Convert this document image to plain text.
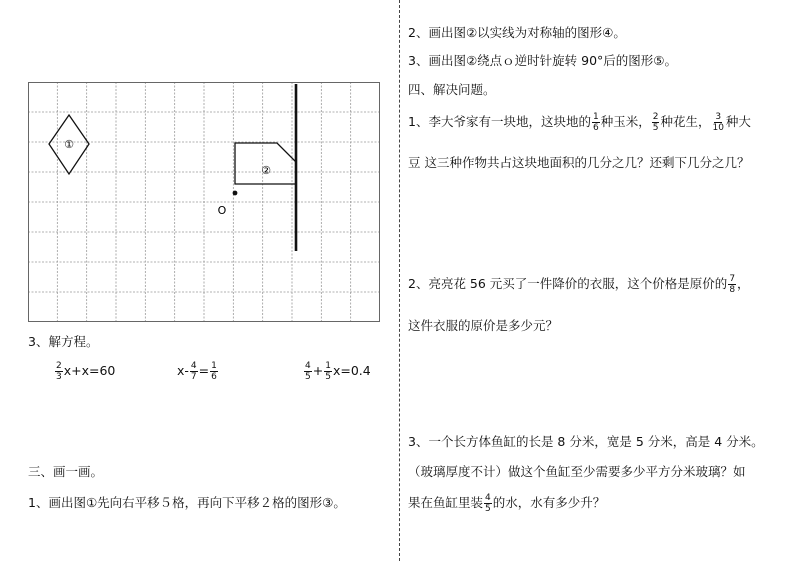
①
②
O
3、解方程。
$\frac{2}{3} x+x=60$	$x- \frac{4}{7} = \frac{1}{6}$	$\frac{4}{5} + \frac{1}{5} x=0.4$
三、画一画。
1、画出图①先向右平移５格，再向下平移２格的图形③。
2、画出图②以实线为对称轴的图形④。
3、画出图②绕点ｏ逆时针旋转 90°后的图形⑤。
四、解决问题。
1、李大爷家有一块地，这块地的 $\frac{1}{6}$ 种玉米， $\frac{2}{5}$ 种花生， $\frac{3}{10}$ 种大
豆 这三种作物共占这块地面积的几分之几？还剩下几分之几？
2、亮亮花 56 元买了一件降价的衣服，这个价格是原价的 $\frac{7}{8}$ ，
这件衣服的原价是多少元？
3、一个长方体鱼缸的长是 8 分米，宽是 5 分米，高是 4 分米。
（玻璃厚度不计）做这个鱼缸至少需要多少平方分米玻璃？如
果在鱼缸里装 $\frac{4}{5}$ 的水，水有多少升？
